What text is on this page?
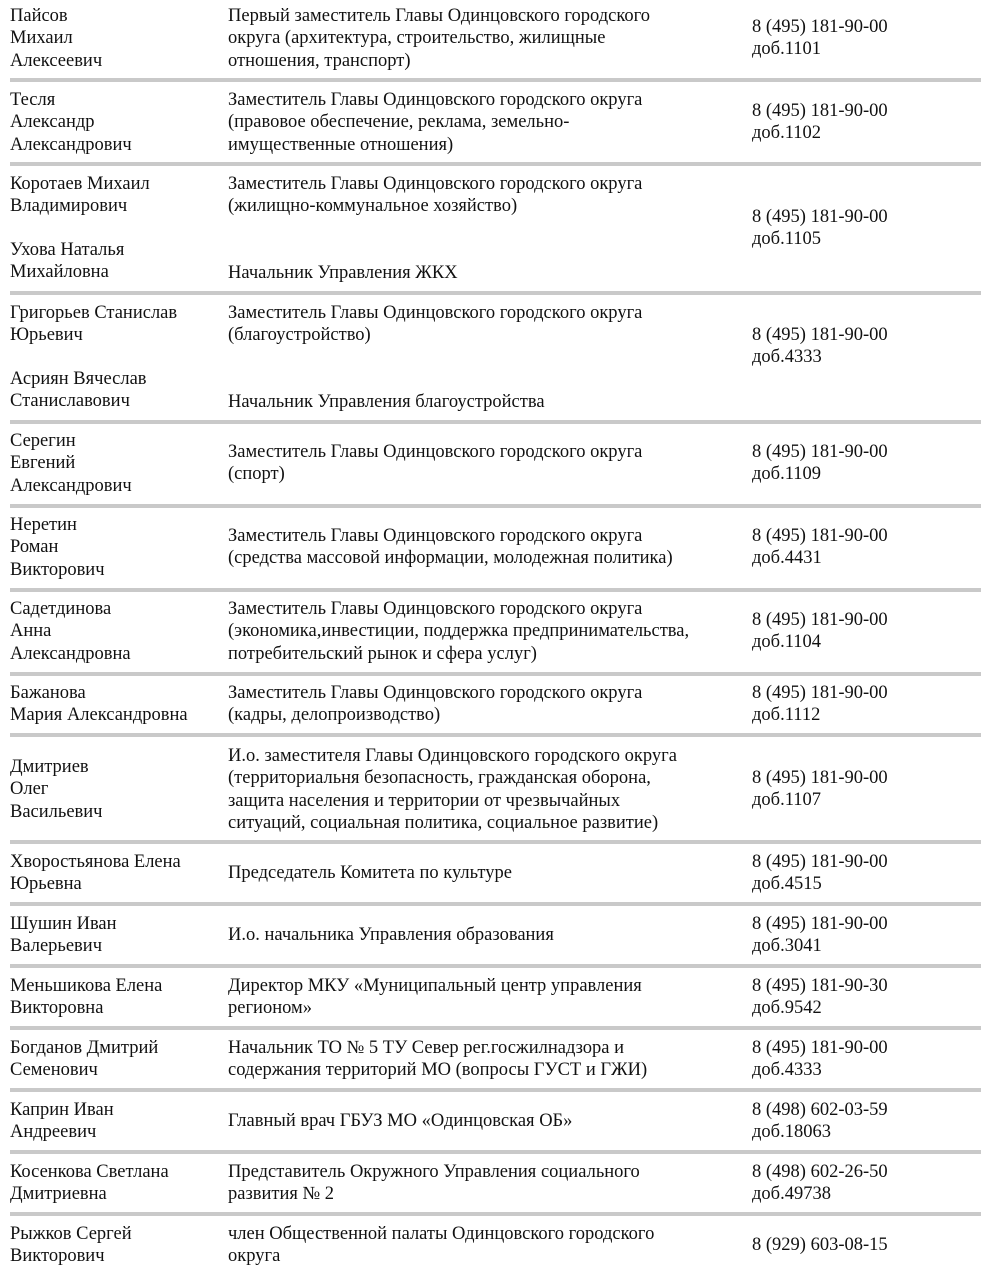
Пайсов
Михаил
Алексеевич
Первый заместитель Главы Одинцовского городского
округа (архитектура, строительство, жилищные
отношения, транспорт)
8 (495) 181-90-00
доб.1101
Тесля
Александр
Александрович
Заместитель Главы Одинцовского городского округа
(правовое обеспечение, реклама, земельно-
имущественные отношения)
8 (495) 181-90-00
доб.1102
Коротаев Михаил
Владимирович
Ухова Наталья
Михайловна
Заместитель Главы Одинцовского городского округа
(жилищно-коммунальное хозяйство)
Начальник Управления ЖКХ
8 (495) 181-90-00
доб.1105
Григорьев Станислав
Юрьевич
Асриян Вячеслав
Станиславович
Заместитель Главы Одинцовского городского округа
(благоустройство)
Начальник Управления благоустройства
8 (495) 181-90-00
доб.4333
Серегин
Евгений
Александрович
Заместитель Главы Одинцовского городского округа
(спорт)
8 (495) 181-90-00
доб.1109
Неретин
Роман
Викторович
Заместитель Главы Одинцовского городского округа
(средства массовой информации, молодежная политика)
8 (495) 181-90-00
доб.4431
Садетдинова
Анна
Александровна
Заместитель Главы Одинцовского городского округа
(экономика,инвестиции, поддержка предпринимательства,
потребительский рынок и сфера услуг)
8 (495) 181-90-00
доб.1104
Бажанова
Мария Александровна
Заместитель Главы Одинцовского городского округа
(кадры, делопроизводство)
8 (495) 181-90-00
доб.1112
Дмитриев
Олег
Васильевич
И.о. заместителя Главы Одинцовского городского округа
(территориальня безопасность, гражданская оборона,
защита населения и территории от чрезвычайных
ситуаций, социальная политика, социальное развитие)
8 (495) 181-90-00
доб.1107
Хворостьянова Елена
Юрьевна
Председатель Комитета по культуре
8 (495) 181-90-00
доб.4515
Шушин Иван
Валерьевич
И.о. начальника Управления образования
8 (495) 181-90-00
доб.3041
Меньшикова Елена
Викторовна
Директор МКУ «Муниципальный центр управления
регионом»
8 (495) 181-90-30
доб.9542
Богданов Дмитрий
Семенович
Начальник ТО № 5 ТУ Север рег.госжилнадзора и
содержания территорий МО (вопросы ГУСТ и ГЖИ)
8 (495) 181-90-00
доб.4333
Каприн Иван
Андреевич
Главный врач ГБУЗ МО «Одинцовская ОБ»
8 (498) 602-03-59
доб.18063
Косенкова Светлана
Дмитриевна
Представитель Окружного Управления социального
развития № 2
8 (498) 602-26-50
доб.49738
Рыжков Сергей
Викторович
член Общественной палаты Одинцовского городского
округа
8 (929) 603-08-15
